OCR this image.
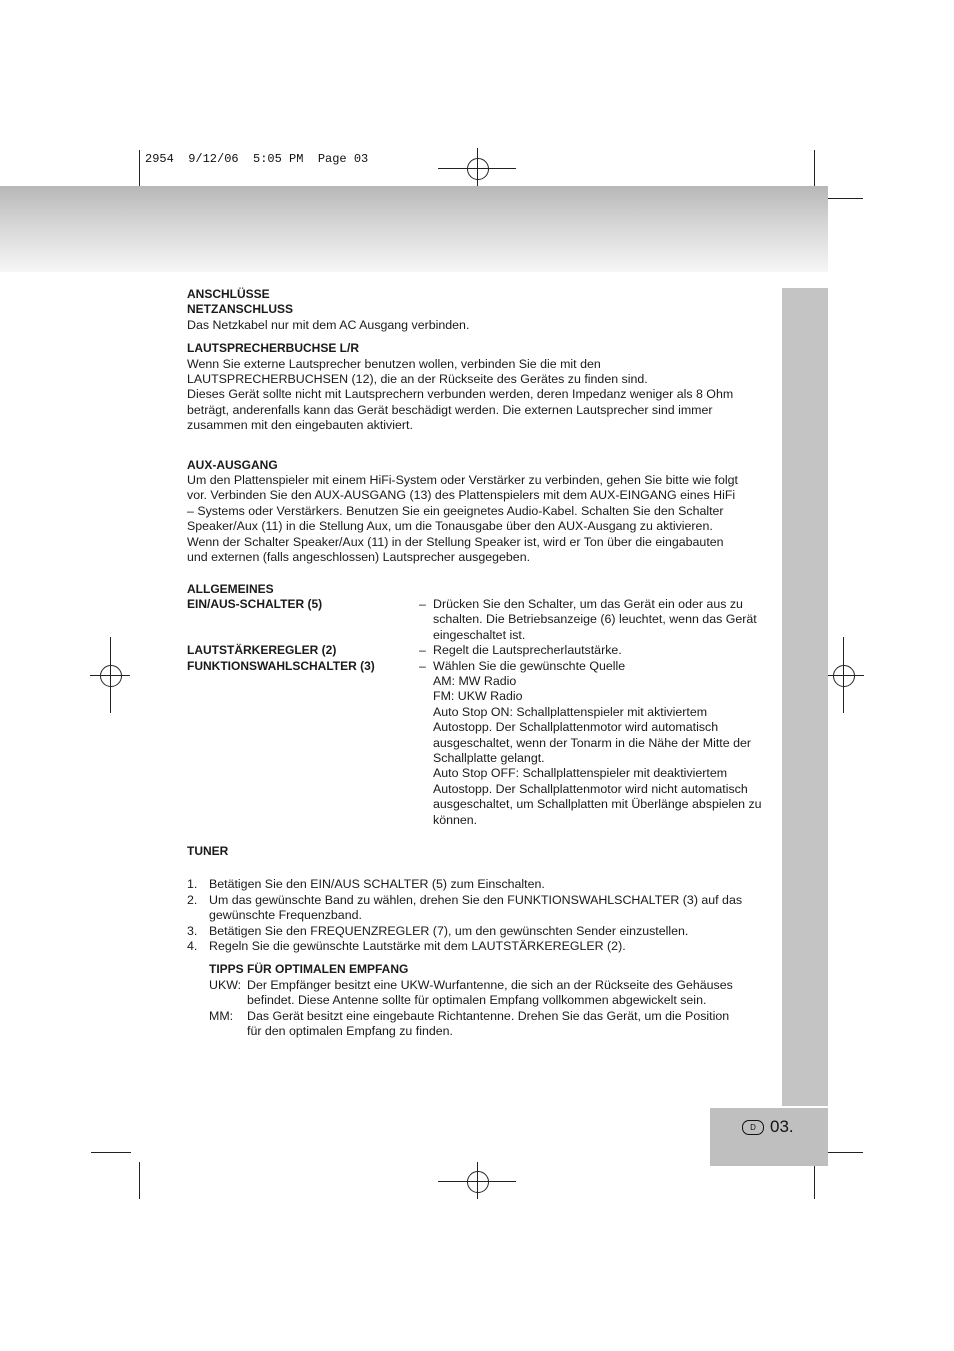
2954  9/12/06  5:05 PM  Page 03
D 03.

ANSCHLÜSSE

NETZANSCHLUSS

Das Netzkabel nur mit dem AC Ausgang verbinden.

LAUTSPRECHERBUCHSE L/R

Wenn Sie externe Lautsprecher benutzen wollen, verbinden Sie die mit den

LAUTSPRECHERBUCHSEN (12), die an der Rückseite des Gerätes zu finden sind.

Dieses Gerät sollte nicht mit Lautsprechern verbunden werden, deren Impedanz weniger als 8 Ohm

beträgt, anderenfalls kann das Gerät beschädigt werden. Die externen Lautsprecher sind immer

zusammen mit den eingebauten aktiviert.

AUX-AUSGANG

Um den Plattenspieler mit einem HiFi-System oder Verstärker zu verbinden, gehen Sie bitte wie folgt

vor. Verbinden Sie den AUX-AUSGANG (13) des Plattenspielers mit dem AUX-EINGANG eines HiFi

– Systems oder Verstärkers. Benutzen Sie ein geeignetes Audio-Kabel. Schalten Sie den Schalter

Speaker/Aux (11) in die Stellung Aux, um die Tonausgabe über den AUX-Ausgang zu aktivieren.

Wenn der Schalter Speaker/Aux (11) in der Stellung Speaker ist, wird er Ton über die eingabauten

und externen (falls angeschlossen) Lautsprecher ausgegeben.

ALLGEMEINES

EIN/AUS-SCHALTER (5)	– Drücken Sie den Schalter, um das Gerät ein oder aus zu

schalten. Die Betriebsanzeige (6) leuchtet, wenn das Gerät

eingeschaltet ist.

LAUTSTÄRKEREGLER (2)	– Regelt die Lautsprecherlautstärke.

FUNKTIONSWAHLSCHALTER (3)	– Wählen Sie die gewünschte Quelle

AM: MW Radio

FM: UKW Radio

Auto Stop ON: Schallplattenspieler mit aktiviertem

Autostopp. Der Schallplattenmotor wird automatisch

ausgeschaltet, wenn der Tonarm in die Nähe der Mitte der

Schallplatte gelangt.

Auto Stop OFF: Schallplattenspieler mit deaktiviertem

Autostopp. Der Schallplattenmotor wird nicht automatisch

ausgeschaltet, um Schallplatten mit Überlänge abspielen zu

können.

TUNER

1. Betätigen Sie den EIN/AUS SCHALTER (5) zum Einschalten.

2. Um das gewünschte Band zu wählen, drehen Sie den FUNKTIONSWAHLSCHALTER (3) auf das

gewünschte Frequenzband.

3. Betätigen Sie den FREQUENZREGLER (7), um den gewünschten Sender einzustellen.

4. Regeln Sie die gewünschte Lautstärke mit dem LAUTSTÄRKEREGLER (2).

TIPPS FÜR OPTIMALEN EMPFANG

UKW: Der Empfänger besitzt eine UKW-Wurfantenne, die sich an der Rückseite des Gehäuses

befindet. Diese Antenne sollte für optimalen Empfang vollkommen abgewickelt sein.

MM:	Das Gerät besitzt eine eingebaute Richtantenne. Drehen Sie das Gerät, um die Position

für den optimalen Empfang zu finden.
